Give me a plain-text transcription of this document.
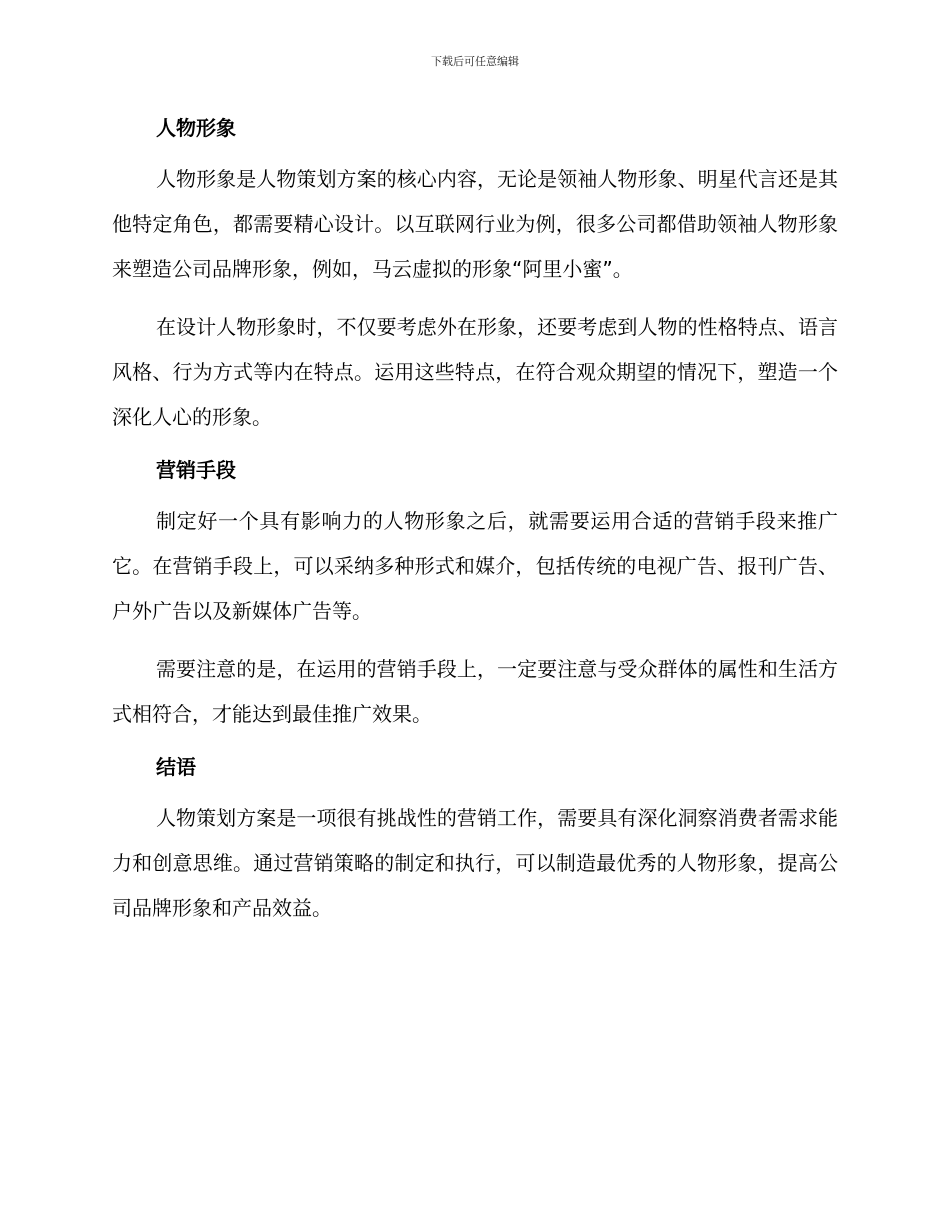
下载后可任意编辑
人物形象

人物形象是人物策划方案的核心内容，无论是领袖人物形象、明星代言还是其他特定角色，都需要精心设计。以互联网行业为例，很多公司都借助领袖人物形象来塑造公司品牌形象，例如，马云虚拟的形象“阿里小蜜”。

在设计人物形象时，不仅要考虑外在形象，还要考虑到人物的性格特点、语言风格、行为方式等内在特点。运用这些特点，在符合观众期望的情况下，塑造一个深化人心的形象。

营销手段

制定好一个具有影响力的人物形象之后，就需要运用合适的营销手段来推广它。在营销手段上，可以采纳多种形式和媒介，包括传统的电视广告、报刊广告、户外广告以及新媒体广告等。

需要注意的是，在运用的营销手段上，一定要注意与受众群体的属性和生活方式相符合，才能达到最佳推广效果。

结语

人物策划方案是一项很有挑战性的营销工作，需要具有深化洞察消费者需求能力和创意思维。通过营销策略的制定和执行，可以制造最优秀的人物形象，提高公司品牌形象和产品效益。
